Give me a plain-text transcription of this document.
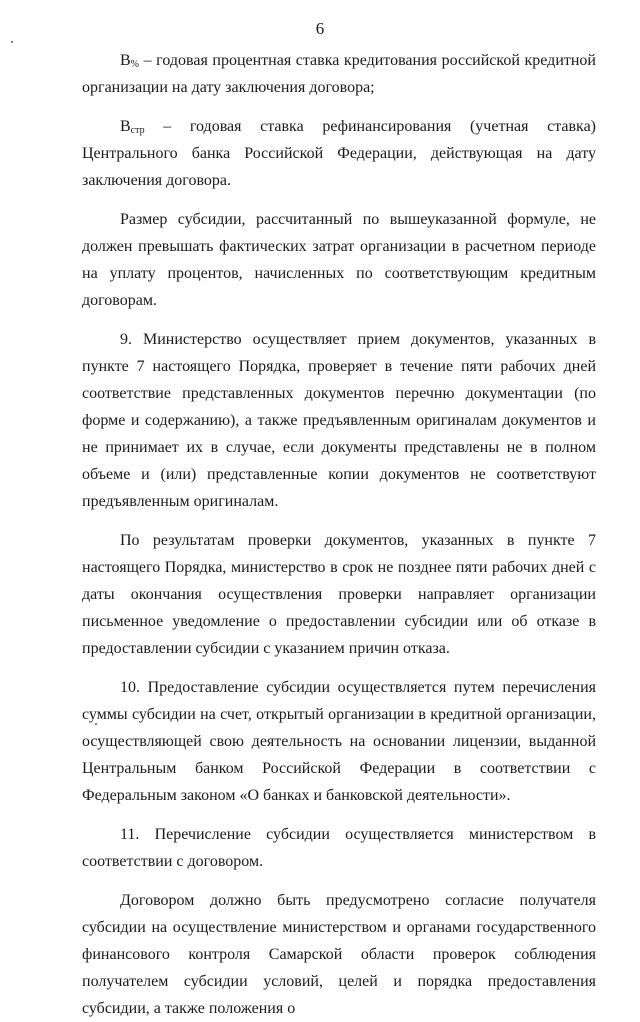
6

$В_{\%}$ – годовая процентная ставка кредитования российской кредитной организации на дату заключения договора;

$В_{стр}$ – годовая ставка рефинансирования (учетная ставка) Центрального банка Российской Федерации, действующая на дату заключения договора.

Размер субсидии, рассчитанный по вышеуказанной формуле, не должен превышать фактических затрат организации в расчетном периоде на уплату процентов, начисленных по соответствующим кредитным договорам.

9. Министерство осуществляет прием документов, указанных в пункте 7 настоящего Порядка, проверяет в течение пяти рабочих дней соответствие представленных документов перечню документации (по форме и содержанию), а также предъявленным оригиналам документов и не принимает их в случае, если документы представлены не в полном объеме и (или) представленные копии документов не соответствуют предъявленным оригиналам.

По результатам проверки документов, указанных в пункте 7 настоящего Порядка, министерство в срок не позднее пяти рабочих дней с даты окончания осуществления проверки направляет организации письменное уведомление о предоставлении субсидии или об отказе в предоставлении субсидии с указанием причин отказа.

10. Предоставление субсидии осуществляется путем перечисления суммы субсидии на счет, открытый организации в кредитной организации, осуществляющей свою деятельность на основании лицензии, выданной Центральным банком Российской Федерации в соответствии с Федеральным законом «О банках и банковской деятельности».

11. Перечисление субсидии осуществляется министерством в соответствии с договором.

Договором должно быть предусмотрено согласие получателя субсидии на осуществление министерством и органами государственного финансового контроля Самарской области проверок соблюдения получателем субсидии условий, целей и порядка предоставления субсидии, а также положения о
